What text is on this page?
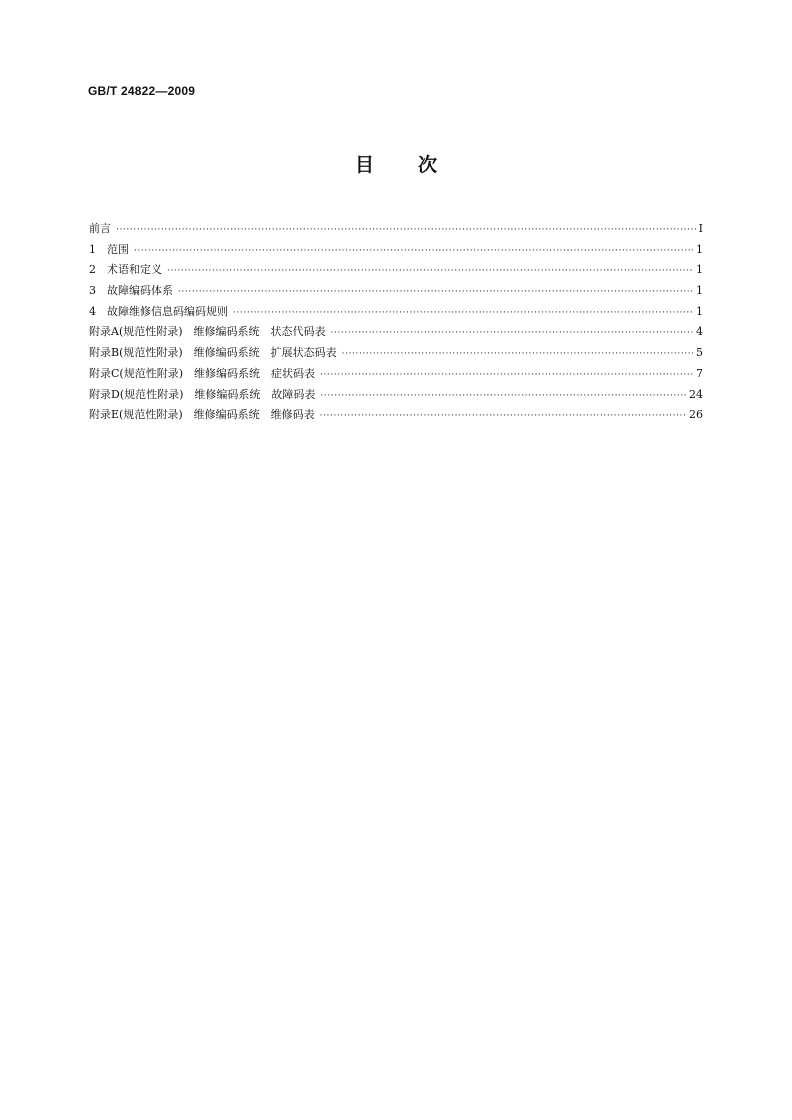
GB/T 24822—2009
目次
前言 ·····	Ⅰ
1　范围 ·····	1
2　术语和定义 ·····	1
3　故障编码体系 ·····	1
4　故障维修信息码编码规则 ·····	1
附录A(规范性附录)　维修编码系统　状态代码表 ·····	4
附录B(规范性附录)　维修编码系统　扩展状态码表 ·····	5
附录C(规范性附录)　维修编码系统　症状码表 ·····	7
附录D(规范性附录)　维修编码系统　故障码表 ·····	24
附录E(规范性附录)　维修编码系统　维修码表 ·····	26
